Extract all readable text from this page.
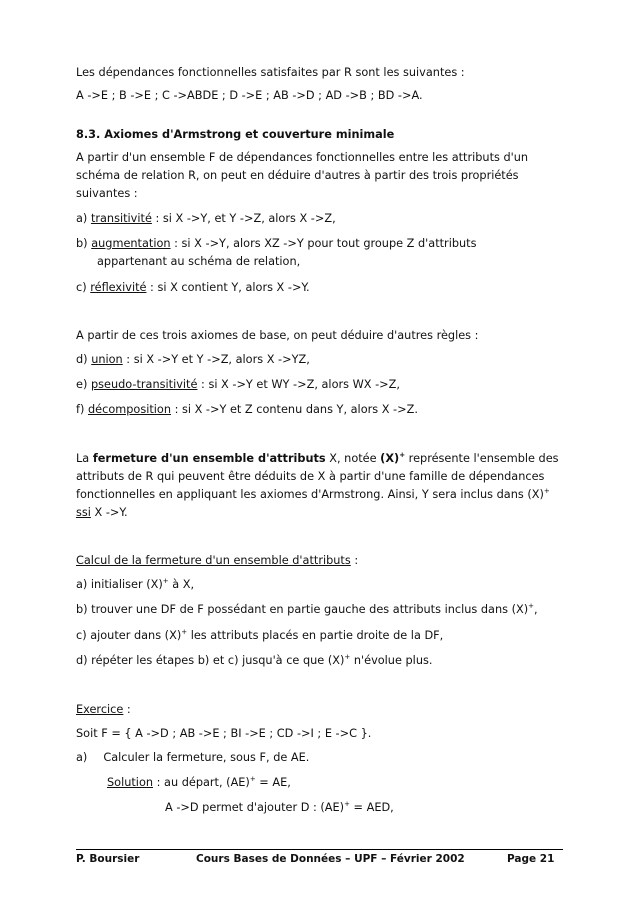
Les dépendances fonctionnelles satisfaites par R sont les suivantes :
A ->E ; B ->E ; C ->ABDE ; D ->E ; AB ->D ; AD ->B ; BD ->A.
8.3. Axiomes d'Armstrong et couverture minimale
A partir d'un ensemble F de dépendances fonctionnelles entre les attributs d'un
schéma de relation R, on peut en déduire d'autres à partir des trois propriétés
suivantes :
a) transitivité : si X ->Y, et Y ->Z, alors X ->Z,
b) augmentation : si X ->Y, alors XZ ->Y pour tout groupe Z d'attributs
appartenant au schéma de relation,
c) réflexivité : si X contient Y, alors X ->Y.
A partir de ces trois axiomes de base, on peut déduire d'autres règles :
d) union : si X ->Y et Y ->Z, alors X ->YZ,
e) pseudo-transitivité : si X ->Y et WY ->Z, alors WX ->Z,
f) décomposition : si X ->Y et Z contenu dans Y, alors X ->Z.
La fermeture d'un ensemble d'attributs X, notée (X)+ représente l'ensemble des
attributs de R qui peuvent être déduits de X à partir d'une famille de dépendances
fonctionnelles en appliquant les axiomes d'Armstrong. Ainsi, Y sera inclus dans (X)+
ssi X ->Y.
Calcul de la fermeture d'un ensemble d'attributs :
a) initialiser (X)+ à X,
b) trouver une DF de F possédant en partie gauche des attributs inclus dans (X)+,
c) ajouter dans (X)+ les attributs placés en partie droite de la DF,
d) répéter les étapes b) et c) jusqu'à ce que (X)+ n'évolue plus.
Exercice :
Soit F = { A ->D ; AB ->E ; BI ->E ; CD ->I ; E ->C }.
a) Calculer la fermeture, sous F, de AE.
Solution : au départ, (AE)+ = AE,
A ->D permet d'ajouter D : (AE)+ = AED,
P. Boursier	Cours Bases de Données – UPF – Février 2002	Page 21
